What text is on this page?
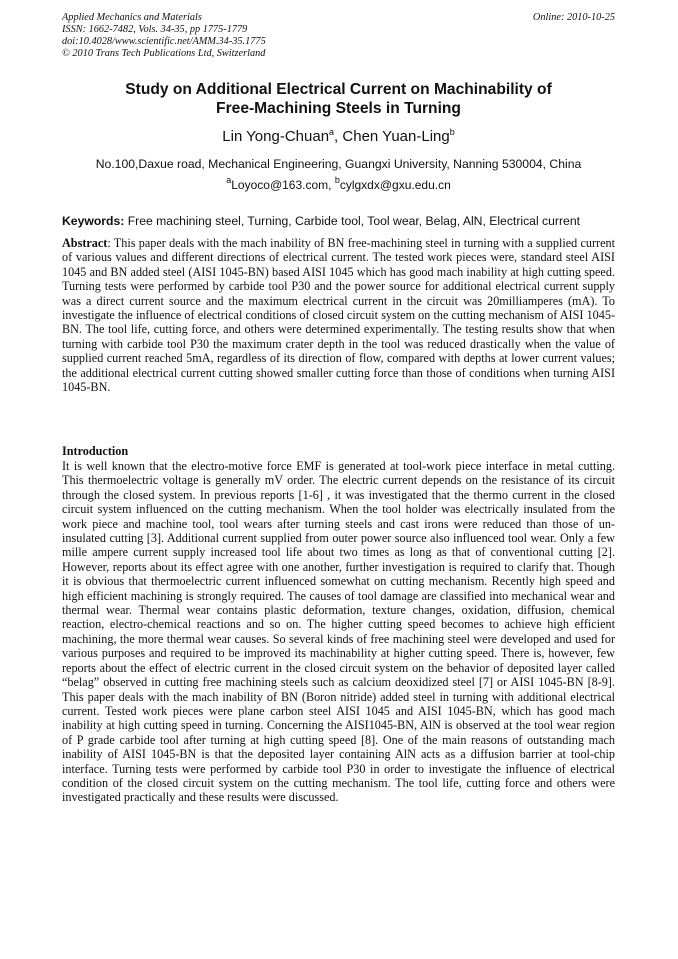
Applied Mechanics and Materials
ISSN: 1662-7482, Vols. 34-35, pp 1775-1779
doi:10.4028/www.scientific.net/AMM.34-35.1775
© 2010 Trans Tech Publications Ltd, Switzerland
Online: 2010-10-25
Study on Additional Electrical Current on Machinability of
Free-Machining Steels in Turning
Lin Yong-Chuan$^a$, Chen Yuan-Ling$^b$
No.100,Daxue road, Mechanical Engineering, Guangxi University, Nanning 530004, China
$^a$Loyoco@163.com, $^b$cylgxdx@gxu.edu.cn
Keywords: Free machining steel, Turning, Carbide tool, Tool wear, Belag, AlN, Electrical current
Abstract: This paper deals with the mach inability of BN free-machining steel in turning with a supplied current of various values and different directions of electrical current. The tested work pieces were, standard steel AISI 1045 and BN added steel (AISI 1045-BN) based AISI 1045 which has good mach inability at high cutting speed. Turning tests were performed by carbide tool P30 and the power source for additional electrical current supply was a direct current source and the maximum electrical current in the circuit was 20milliamperes (mA). To investigate the influence of electrical conditions of closed circuit system on the cutting mechanism of AISI 1045-BN. The tool life, cutting force, and others were determined experimentally. The testing results show that when turning with carbide tool P30 the maximum crater depth in the tool was reduced drastically when the value of supplied current reached 5mA, regardless of its direction of flow, compared with depths at lower current values; the additional electrical current cutting showed smaller cutting force than those of conditions when turning AISI 1045-BN.
Introduction
It is well known that the electro-motive force EMF is generated at tool-work piece interface in metal cutting. This thermoelectric voltage is generally mV order. The electric current depends on the resistance of its circuit through the closed system. In previous reports [1-6] , it was investigated that the thermo current in the closed circuit system influenced on the cutting mechanism. When the tool holder was electrically insulated from the work piece and machine tool, tool wears after turning steels and cast irons were reduced than those of un-insulated cutting [3]. Additional current supplied from outer power source also influenced tool wear. Only a few mille ampere current supply increased tool life about two times as long as that of conventional cutting [2]. However, reports about its effect agree with one another, further investigation is required to clarify that. Though it is obvious that thermoelectric current influenced somewhat on cutting mechanism. Recently high speed and high efficient machining is strongly required. The causes of tool damage are classified into mechanical wear and thermal wear. Thermal wear contains plastic deformation, texture changes, oxidation, diffusion, chemical reaction, electro-chemical reactions and so on. The higher cutting speed becomes to achieve high efficient machining, the more thermal wear causes. So several kinds of free machining steel were developed and used for various purposes and required to be improved its machinability at higher cutting speed. There is, however, few reports about the effect of electric current in the closed circuit system on the behavior of deposited layer called “belag” observed in cutting free machining steels such as calcium deoxidized steel [7] or AISI 1045-BN [8-9]. This paper deals with the mach inability of BN (Boron nitride) added steel in turning with additional electrical current. Tested work pieces were plane carbon steel AISI 1045 and AISI 1045-BN, which has good mach inability at high cutting speed in turning. Concerning the AISI1045-BN, AlN is observed at the tool wear region of P grade carbide tool after turning at high cutting speed [8]. One of the main reasons of outstanding mach inability of AISI 1045-BN is that the deposited layer containing AlN acts as a diffusion barrier at tool-chip interface. Turning tests were performed by carbide tool P30 in order to investigate the influence of electrical condition of the closed circuit system on the cutting mechanism. The tool life, cutting force and others were investigated practically and these results were discussed.
